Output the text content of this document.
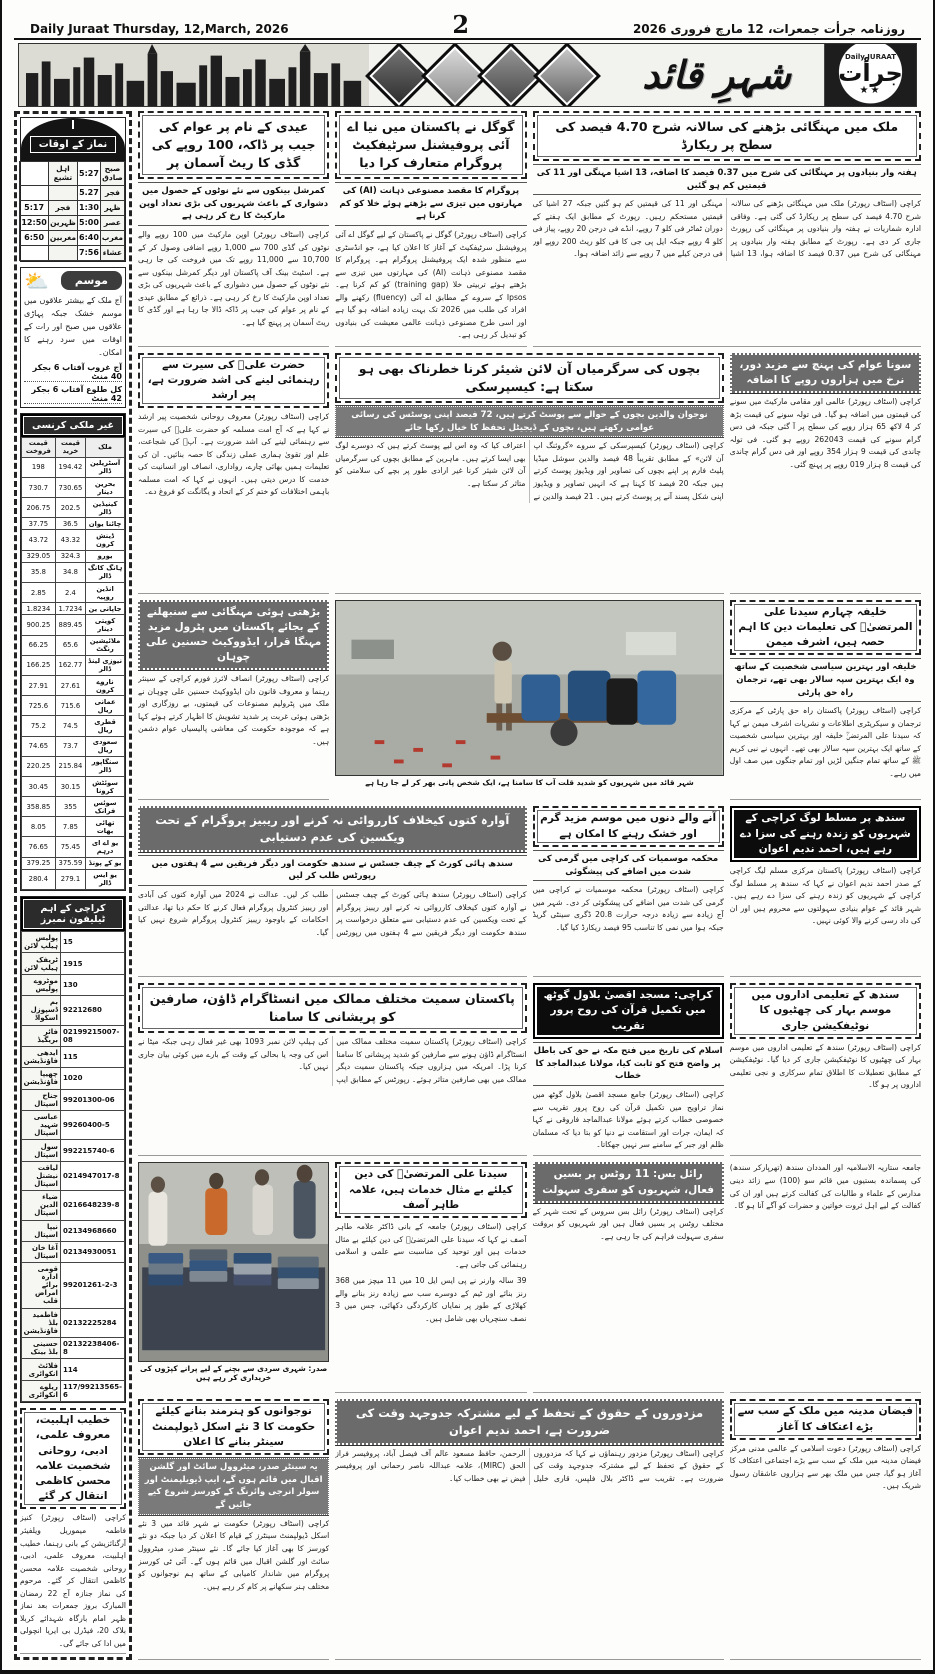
Daily Juraat Thursday, 12,March, 2026	2	روزنامہ جرأت جمعرات، 12 مارچ فروری 2026
شہرِ قائد	Daily JURAAT
جرأت
★★
نماز کے اوقات
صبح صادق	5:27	اہل تشیع	
فجر	5.27		
ظہر	1:30	فجر	5:17
عصر	5:00	ظہرین	12:50
مغرب	6:40	مغربین	6:50
عشاء	7:56		
موسم
⛅
آج ملک کے بیشتر علاقوں میں موسم خشک جبکہ پہاڑی علاقوں میں صبح اور رات کے اوقات میں سرد رہنے کا امکان۔
آج غروب آفتاب 6 بجکر 40 منٹ
کل طلوع آفتاب 6 بجکر 42 منٹ
غیر ملکی کرنسی
ملک	قیمت خرید	قیمت فروخت
آسٹریلین ڈالر	194.42	198
بحرین دینار	730.65	730.7
کینیڈین ڈالر	202.5	206.75
چائنا یوان	36.5	37.75
ڈینش کرون	43.32	43.72
یورو	324.3	329.05
ہانگ کانگ ڈالر	34.8	35.8
انڈین روپیہ	2.4	2.85
جاپانی ین	1.7234	1.8234
کویتی دینار	889.45	900.25
ملائیشین رنگٹ	65.6	66.25
نیوزی لینڈ ڈالر	162.77	166.25
ناروے کرون	27.61	27.91
عمانی ریال	715.6	725.6
قطری ریال	74.5	75.2
سعودی ریال	73.7	74.65
سنگاپور ڈالر	215.84	220.25
سوئٹش کرونا	30.15	30.45
سوئس فرانک	355	358.85
تھائی بھات	7.85	8.05
یو اے ای درہم	75.45	76.65
یو کے پونڈ	375.59	379.25
یو ایس ڈالر	279.1	280.4
کراچی کے اہم ٹیلیفون نمبرز
15	پولیس ہیلپ لائن
1915	ٹریفک ہیلپ لائن
130	موٹروے پولیس
92212680	بم ڈسپوزل اسکواڈ
02199215007-08	فائر بریگیڈ
115	ایدھی فاؤنڈیشن
1020	چھیپا فاؤنڈیشن
99201300-06	جناح اسپتال
99260400-5	عباسی شہید اسپتال
992215740-6	سول اسپتال
0214947017-8	لیاقت نیشنل اسپتال
0216648239-8	ضیاء الدین اسپتال
02134968660	نیپا اسپتال
02134930051	آغا خان اسپتال
99201261-2-3	قومی ادارہ برائے امراض قلب
02132225284	فاطمید بلڈ فاؤنڈیشن
02132238406-8	حسینی بلڈ بینک
114	فلائٹ انکوائری
117/99213565-6	ریلوے انکوائری
خطیب اہلبیت، معروف علمی، ادبی، روحانی شخصیت علامہ محسن کاظمی انتقال کر گئے
کراچی (اسٹاف رپورٹر) کنیز فاطمہ میموریل ویلفیئر آرگنائزیشن کے بانی رہنما، خطیب اہلبیت، معروف علمی، ادبی، روحانی شخصیت علامہ محسن کاظمی انتقال کر گئے۔ مرحوم کی نماز جنازہ آج 22 رمضان المبارک بروز جمعرات بعد نماز ظہر امام بارگاہ شہدائے کربلا بلاک 20، فیڈرل بی ایریا انچولی میں ادا کی جائے گی۔
عیدی کے نام پر عوام کی جیب پر ڈاکہ، 100 روپے کی گڈی کا ریٹ آسمان پر

کمرشل بینکوں سے نئے نوٹوں کے حصول میں دشواری کے باعث شہریوں کی بڑی تعداد اوپن مارکیٹ کا رخ کر رہی ہے

کراچی (اسٹاف رپورٹر) اوپن مارکیٹ میں 100 روپے والے نوٹوں کی گڈی 700 سے 1,000 روپے اضافی وصول کر کے 10,700 سے 11,000 روپے تک میں فروخت کی جا رہی ہے۔ اسٹیٹ بینک آف پاکستان اور دیگر کمرشل بینکوں سے نئے نوٹوں کے حصول میں دشواری کے باعث شہریوں کی بڑی تعداد اوپن مارکیٹ کا رخ کر رہی ہے۔ ذرائع کے مطابق عیدی کے نام پر عوام کی جیب پر ڈاکہ ڈالا جا رہا ہے اور گڈی کا ریٹ آسمان پر پہنچ گیا ہے۔
گوگل نے پاکستان میں نیا اے آئی پروفیشنل سرٹیفکیٹ پروگرام متعارف کرا دیا

پروگرام کا مقصد مصنوعی ذہانت (AI) کی مہارتوں میں تیزی سے بڑھتے ہوئے خلا کو کم کرنا ہے

کراچی (اسٹاف رپورٹر) گوگل نے پاکستان کے لیے گوگل اے آئی پروفیشنل سرٹیفکیٹ کے آغاز کا اعلان کیا ہے، جو انڈسٹری سے منظور شدہ ایک پروفیشنل پروگرام ہے۔ پروگرام کا مقصد مصنوعی ذہانت (AI) کی مہارتوں میں تیزی سے بڑھتے ہوئے تربیتی خلا (training gap) کو کم کرنا ہے۔ Ipsos کے سروے کے مطابق اے آئی (fluency) رکھنے والے افراد کی طلب میں 2026 تک بہت زیادہ اضافہ ہو گیا ہے اور اسی طرح مصنوعی ذہانت عالمی معیشت کی بنیادوں کو تبدیل کر رہی ہے۔
ملک میں مہنگائی بڑھنے کی سالانہ شرح 4.70 فیصد کی سطح پر ریکارڈ

ہفتہ وار بنیادوں پر مہنگائی کی شرح میں 0.37 فیصد کا اضافہ، 13 اشیا مہنگی اور 11 کی قیمتیں کم ہو گئیں

کراچی (اسٹاف رپورٹر) ملک میں مہنگائی بڑھنے کی سالانہ شرح 4.70 فیصد کی سطح پر ریکارڈ کی گئی ہے۔ وفاقی ادارہ شماریات نے ہفتہ وار بنیادوں پر مہنگائی کی رپورٹ جاری کر دی ہے۔ رپورٹ کے مطابق ہفتہ وار بنیادوں پر مہنگائی کی شرح میں 0.37 فیصد کا اضافہ ہوا، 13 اشیا مہنگی اور 11 کی قیمتیں کم ہو گئیں جبکہ 27 اشیا کی قیمتیں مستحکم رہیں۔ رپورٹ کے مطابق ایک ہفتے کے دوران ٹماٹر فی کلو 7 روپے، انڈے فی درجن 20 روپے، پیاز فی کلو 4 روپے جبکہ ایل پی جی کا فی کلو ریٹ 200 روپے اور فی درجن کیلے میں 7 روپے سے زائد اضافہ ہوا۔
حضرت علیؓ کی سیرت سے رہنمائی لینے کی اشد ضرورت ہے، پیر ارشد
کراچی (اسٹاف رپورٹر) معروف روحانی شخصیت پیر ارشد نے کہا ہے کہ آج امت مسلمہ کو حضرت علیؓ کی سیرت سے رہنمائی لینے کی اشد ضرورت ہے۔ آپؓ کی شجاعت، علم اور تقویٰ ہماری عملی زندگی کا حصہ بنائیں۔ ان کی تعلیمات ہمیں بھائی چارے، رواداری، انصاف اور انسانیت کی خدمت کا درس دیتی ہیں۔ انہوں نے کہا کہ امت مسلمہ باہمی اختلافات کو ختم کر کے اتحاد و یگانگت کو فروغ دے۔
بچوں کی سرگرمیاں آن لائن شیئر کرنا خطرناک بھی ہو سکتا ہے: کیسپرسکی

نوجوان والدین بچوں کے حوالے سے پوسٹ کرتے ہیں، 72 فیصد اپنی پوسٹس کی رسائی عوامی رکھتے ہیں، بچوں کے ڈیجیٹل تحفظ کا خیال رکھا جائے

کراچی (اسٹاف رپورٹر) کیسپرسکی کے سروے «گروئنگ اپ آن لائن» کے مطابق تقریباً 48 فیصد والدین سوشل میڈیا پلیٹ فارم پر اپنے بچوں کی تصاویر اور ویڈیوز پوسٹ کرتے ہیں جبکہ 20 فیصد کا کہنا ہے کہ انہیں تصاویر و ویڈیوز اپنی شکل پسند آنے پر پوسٹ کرتے ہیں۔ 21 فیصد والدین نے اعتراف کیا کہ وہ اس لیے پوسٹ کرتے ہیں کہ دوسرے لوگ بھی ایسا کرتے ہیں۔ ماہرین کے مطابق بچوں کی سرگرمیاں آن لائن شیئر کرنا غیر ارادی طور پر بچے کی سلامتی کو متاثر کر سکتا ہے۔
سونا عوام کی پہنچ سے مزید دور، نرخ میں ہزاروں روپے کا اضافہ
کراچی (اسٹاف رپورٹر) عالمی اور مقامی مارکیٹ میں سونے کی قیمتوں میں اضافہ ہو گیا۔ فی تولہ سونے کی قیمت بڑھ کر 4 لاکھ 65 ہزار روپے کی سطح پر آ گئی جبکہ فی دس گرام سونے کی قیمت 262043 روپے ہو گئی۔ فی تولہ چاندی کی قیمت 9 ہزار 354 روپے اور فی دس گرام چاندی کی قیمت 8 ہزار 019 روپے پر پہنچ گئی۔
بڑھتی ہوئی مہنگائی سے سنبھلنے کے بجائے پاکستان میں پٹرول مزید مہنگا قرار، ایڈووکیٹ حسنین علی چوہان
کراچی (اسٹاف رپورٹر) انصاف لائرز فورم کراچی کے سینئر رہنما و معروف قانون دان ایڈووکیٹ حسنین علی چوہان نے ملک میں پٹرولیم مصنوعات کی قیمتوں، بے روزگاری اور بڑھتی ہوئی غربت پر شدید تشویش کا اظہار کرتے ہوئے کہا ہے کہ موجودہ حکومت کی معاشی پالیسیاں عوام دشمن ہیں۔
شہر قائد میں شہریوں کو شدید قلت آب کا سامنا ہے، ایک شخص پانی بھر کر لے جا رہا ہے
خلیفہ چہارم سیدنا علی المرتضیٰؓ کی تعلیمات دین کا اہم حصہ ہیں، اشرف میمن

خلیفہ اور بہترین سیاسی شخصیت کے ساتھ وہ ایک بہترین سپہ سالار بھی تھے، ترجمان راہ حق پارٹی

کراچی (اسٹاف رپورٹر) پاکستان راہ حق پارٹی کے مرکزی ترجمان و سیکریٹری اطلاعات و نشریات اشرف میمن نے کہا کہ سیدنا علی المرتضیٰؓ خلیفہ اور بہترین سیاسی شخصیت کے ساتھ ایک بہترین سپہ سالار بھی تھے۔ انہوں نے نبی کریم ﷺ کے ساتھ تمام جنگیں لڑیں اور تمام جنگوں میں صف اول میں رہے۔
آوارہ کتوں کیخلاف کارروائی نہ کرنے اور ریبیز پروگرام کے تحت ویکسین کی عدم دستیابی

سندھ ہائی کورٹ کے چیف جسٹس نے سندھ حکومت اور دیگر فریقین سے 4 ہفتوں میں رپورٹس طلب کر لیں

کراچی (اسٹاف رپورٹر) سندھ ہائی کورٹ کے چیف جسٹس نے آوارہ کتوں کیخلاف کارروائی نہ کرنے اور ریبیز پروگرام کے تحت ویکسین کی عدم دستیابی سے متعلق درخواست پر سندھ حکومت اور دیگر فریقین سے 4 ہفتوں میں رپورٹس طلب کر لیں۔ عدالت نے 2024 میں آوارہ کتوں کی آبادی اور ریبیز کنٹرول پروگرام فعال کرنے کا حکم دیا تھا، عدالتی احکامات کے باوجود ریبیز کنٹرول پروگرام شروع نہیں کیا گیا۔
آنے والے دنوں میں موسم مزید گرم اور خشک رہنے کا امکان ہے

محکمہ موسمیات کی کراچی میں گرمی کی شدت میں اضافے کی پیشگوئی

کراچی (اسٹاف رپورٹر) محکمہ موسمیات نے کراچی میں گرمی کی شدت میں اضافے کی پیشگوئی کر دی۔ شہر میں آج زیادہ سے زیادہ درجہ حرارت 20.8 ڈگری سینٹی گریڈ جبکہ ہوا میں نمی کا تناسب 95 فیصد ریکارڈ کیا گیا۔
سندھ پر مسلط لوگ کراچی کے شہریوں کو زندہ رہنے کی سزا دے رہے ہیں، احمد ندیم اعوان
کراچی (اسٹاف رپورٹر) پاکستان مرکزی مسلم لیگ کراچی کے صدر احمد ندیم اعوان نے کہا کہ سندھ پر مسلط لوگ کراچی کے شہریوں کو زندہ رہنے کی سزا دے رہے ہیں۔ شہر قائد کے عوام بنیادی سہولتوں سے محروم ہیں اور ان کی داد رسی کرنے والا کوئی نہیں۔
پاکستان سمیت مختلف ممالک میں انسٹاگرام ڈاؤن، صارفین کو پریشانی کا سامنا
کراچی (اسٹاف رپورٹر) پاکستان سمیت مختلف ممالک میں انسٹاگرام ڈاؤن ہونے سے صارفین کو شدید پریشانی کا سامنا کرنا پڑا۔ امریکہ میں ہزاروں جبکہ پاکستان سمیت دیگر ممالک میں بھی صارفین متاثر ہوئے۔ رپورٹس کے مطابق ایپ کی ہیلپ لائن نمبر 1093 بھی غیر فعال رہی جبکہ میٹا نے اس کی وجہ یا بحالی کے وقت کے بارے میں کوئی بیان جاری نہیں کیا۔
کراچی: مسجد اقصیٰ بلاول گوٹھ میں تکمیل قرآن کی روح پرور تقریب

اسلام کی تاریخ میں فتح مکہ نے حق کی باطل پر واضح فتح کو ثابت کیا، مولانا عبدالماجد کا خطاب

کراچی (اسٹاف رپورٹر) جامع مسجد اقصیٰ بلاول گوٹھ میں نماز تراویح میں تکمیل قرآن کی روح پرور تقریب سے خصوصی خطاب کرتے ہوئے مولانا عبدالماجد فاروقی نے کہا کہ ایمان، جرات اور استقامت نے دنیا کو بتا دیا کہ مسلمان ظلم اور جبر کے سامنے سر نہیں جھکاتا۔
سندھ کے تعلیمی اداروں میں موسم بہار کی چھٹیوں کا نوٹیفکیشن جاری
کراچی (اسٹاف رپورٹر) سندھ کے تعلیمی اداروں میں موسم بہار کی چھٹیوں کا نوٹیفکیشن جاری کر دیا گیا۔ نوٹیفکیشن کے مطابق تعطیلات کا اطلاق تمام سرکاری و نجی تعلیمی اداروں پر ہو گا۔
صدر: شہری سردی سے بچنے کے لیے پرانے کپڑوں کی خریداری کر رہے ہیں
سیدنا علی المرتضیٰؓ کی دین کیلئے بے مثال خدمات ہیں، علامہ طاہر آصف
کراچی (اسٹاف رپورٹر) جامعہ کے بانی ڈاکٹر علامہ طاہر آصف نے کہا کہ سیدنا علی المرتضیٰؓ کی دین کیلئے بے مثال خدمات ہیں اور توحید کی مناسبت سے علمی و اسلامی رہنمائی کی جاتی ہے۔
39 سالہ وارنر نے پی ایس ایل 10 میں 11 میچز میں 368 رنز بنائے اور ٹیم کے دوسرے سب سے زیادہ رنز بنانے والے کھلاڑی کے طور پر نمایاں کارکردگی دکھائی، جس میں 3 نصف سنچریاں بھی شامل ہیں۔
رائل بس: 11 روٹس پر بسیں فعال، شہریوں کو سفری سہولت
کراچی (اسٹاف رپورٹر) رائل بس سروس کے تحت شہر کے مختلف روٹس پر بسیں فعال ہیں اور شہریوں کو بروقت سفری سہولت فراہم کی جا رہی ہے۔
جامعہ ستاریہ الاسلامیہ اور المددان سندھ (تھرپارکر سندھ) کی پسماندہ بستیوں میں قائم سو (100) سے زائد دینی مدارس کے علماء و طالبات کی کفالت کرتے ہیں اور ان کی کفالت کے لیے اہل ثروت خواتین و حضرات کو آگے آنا ہو گا۔
نوجوانوں کو ہنرمند بنانے کیلئے حکومت کا 3 نئے اسکل ڈیولپمنٹ سینٹر بنانے کا اعلان

یہ سینٹر صدر، میٹروول سائٹ اور گلشن اقبال میں قائم ہوں گے، ایپ ڈیویلپمنٹ اور سولر انرجی وائرنگ کے کورسز شروع کیے جائیں گے

کراچی (اسٹاف رپورٹر) حکومت نے شہر قائد میں 3 نئے اسکل ڈیولپمنٹ سینٹرز کے قیام کا اعلان کر دیا جبکہ دو نئے کورسز کا بھی آغاز کیا جائے گا۔ نئے سینٹر صدر، میٹروول سائٹ اور گلشن اقبال میں قائم ہوں گے۔ آئی ٹی کورسز پروگرام میں شاندار کامیابی کے ساتھ ہم نوجوانوں کو مختلف ہنر سکھانے پر کام کر رہے ہیں۔
مزدوروں کے حقوق کے تحفظ کے لیے مشترکہ جدوجہد وقت کی ضرورت ہے، احمد ندیم اعوان
کراچی (اسٹاف رپورٹر) مزدور رہنماؤں نے کہا کہ مزدوروں کے حقوق کے تحفظ کے لیے مشترکہ جدوجہد وقت کی ضرورت ہے۔ تقریب سے ڈاکٹر بلال فلپس، قاری خلیل الرحمن، حافظ مسعود عالم آف فیصل آباد، پروفیسر فراز الحق (MIRC)، علامہ عبداللہ ناصر رحمانی اور پروفیسر فیض نے بھی خطاب کیا۔
فیضان مدینہ میں ملک کے سب سے بڑے اعتکاف کا آغاز
کراچی (اسٹاف رپورٹر) دعوت اسلامی کے عالمی مدنی مرکز فیضان مدینہ میں ملک کے سب سے بڑے اجتماعی اعتکاف کا آغاز ہو گیا، جس میں ملک بھر سے ہزاروں عاشقان رسول شریک ہیں۔
